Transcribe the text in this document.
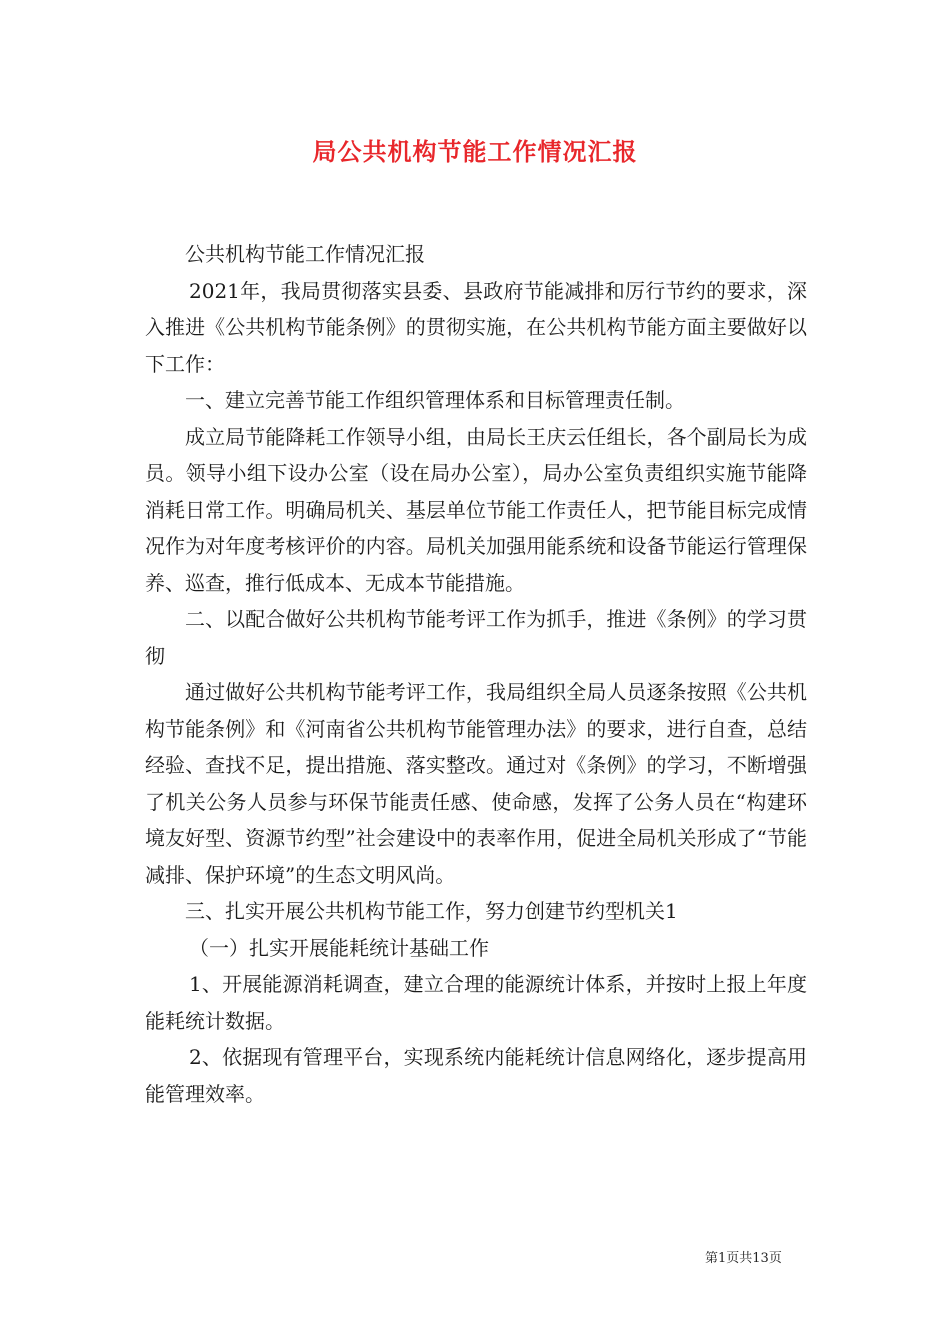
局公共机构节能工作情况汇报

公共机构节能工作情况汇报

2021年，我局贯彻落实县委、县政府节能减排和厉行节约的要求，深入推进《公共机构节能条例》的贯彻实施，在公共机构节能方面主要做好以下工作：

一、建立完善节能工作组织管理体系和目标管理责任制。

成立局节能降耗工作领导小组，由局长王庆云任组长，各个副局长为成员。领导小组下设办公室（设在局办公室），局办公室负责组织实施节能降消耗日常工作。明确局机关、基层单位节能工作责任人，把节能目标完成情况作为对年度考核评价的内容。局机关加强用能系统和设备节能运行管理保养、巡查，推行低成本、无成本节能措施。

二、以配合做好公共机构节能考评工作为抓手，推进《条例》的学习贯彻

通过做好公共机构节能考评工作，我局组织全局人员逐条按照《公共机构节能条例》和《河南省公共机构节能管理办法》的要求，进行自查，总结经验、查找不足，提出措施、落实整改。通过对《条例》的学习，不断增强了机关公务人员参与环保节能责任感、使命感，发挥了公务人员在“构建环境友好型、资源节约型”社会建设中的表率作用，促进全局机关形成了“节能减排、保护环境”的生态文明风尚。

三、扎实开展公共机构节能工作，努力创建节约型机关1

（一）扎实开展能耗统计基础工作

1、开展能源消耗调查，建立合理的能源统计体系，并按时上报上年度能耗统计数据。

2、依据现有管理平台，实现系统内能耗统计信息网络化，逐步提高用能管理效率。

第1页共13页
